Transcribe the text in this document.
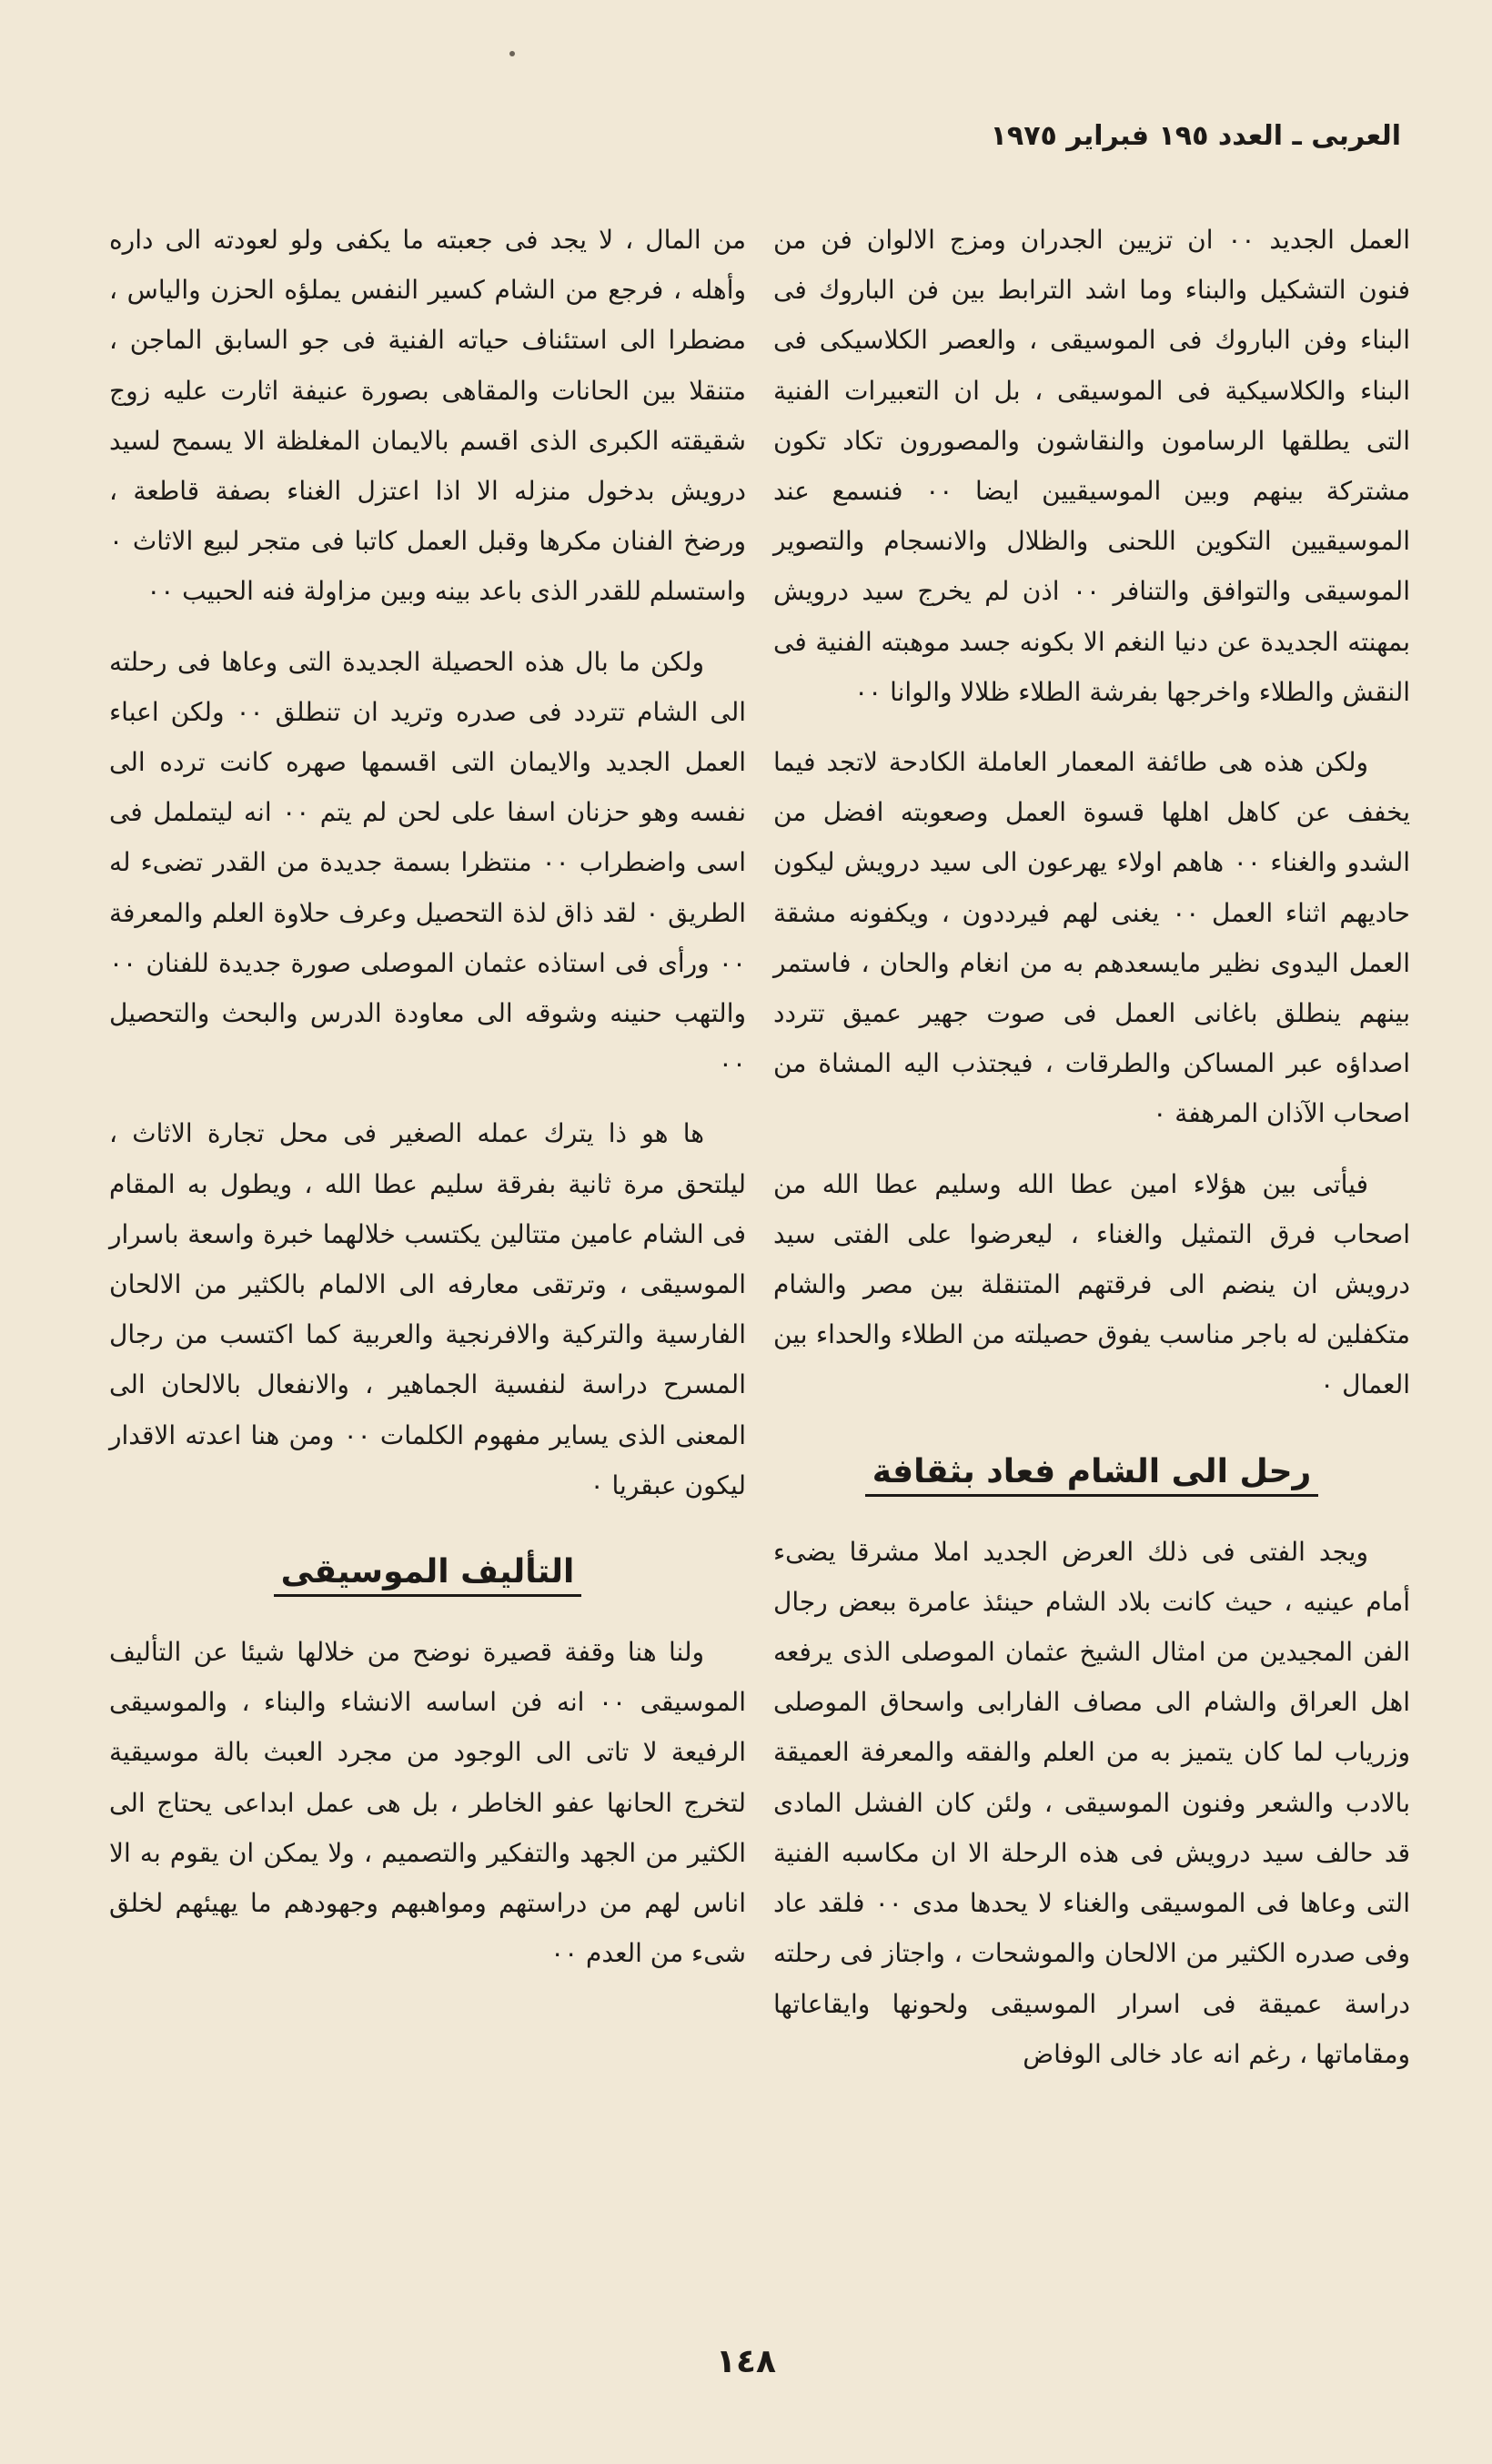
العربى ـ العدد ١٩٥ فبراير ١٩٧٥

العمل الجديد ٠٠ ان تزيين الجدران ومزج الالوان فن من فنون التشكيل والبناء وما اشد الترابط بين فن الباروك فى البناء وفن الباروك فى الموسيقى ، والعصر الكلاسيكى فى البناء والكلاسيكية فى الموسيقى ، بل ان التعبيرات الفنية التى يطلقها الرسامون والنقاشون والمصورون تكاد تكون مشتركة بينهم وبين الموسيقيين ايضا ٠٠ فنسمع عند الموسيقيين التكوين اللحنى والظلال والانسجام والتصوير الموسيقى والتوافق والتنافر ٠٠ اذن لم يخرج سيد درويش بمهنته الجديدة عن دنيا النغم الا بكونه جسد موهبته الفنية فى النقش والطلاء واخرجها بفرشة الطلاء ظلالا والوانا ٠٠

ولكن هذه هى طائفة المعمار العاملة الكادحة لاتجد فيما يخفف عن كاهل اهلها قسوة العمل وصعوبته افضل من الشدو والغناء ٠٠ هاهم اولاء يهرعون الى سيد درويش ليكون حاديهم اثناء العمل ٠٠ يغنى لهم فيرددون ، ويكفونه مشقة العمل اليدوى نظير مايسعدهم به من انغام والحان ، فاستمر بينهم ينطلق باغانى العمل فى صوت جهير عميق تتردد اصداؤه عبر المساكن والطرقات ، فيجتذب اليه المشاة من اصحاب الآذان المرهفة ٠

فيأتى بين هؤلاء امين عطا الله وسليم عطا الله من اصحاب فرق التمثيل والغناء ، ليعرضوا على الفتى سيد درويش ان ينضم الى فرقتهم المتنقلة بين مصر والشام متكفلين له باجر مناسب يفوق حصيلته من الطلاء والحداء بين العمال ٠

رحل الى الشام فعاد بثقافة

ويجد الفتى فى ذلك العرض الجديد املا مشرقا يضىء أمام عينيه ، حيث كانت بلاد الشام حينئذ عامرة ببعض رجال الفن المجيدين من امثال الشيخ عثمان الموصلى الذى يرفعه اهل العراق والشام الى مصاف الفارابى واسحاق الموصلى وزرياب لما كان يتميز به من العلم والفقه والمعرفة العميقة بالادب والشعر وفنون الموسيقى ، ولئن كان الفشل المادى قد حالف سيد درويش فى هذه الرحلة الا ان مكاسبه الفنية التى وعاها فى الموسيقى والغناء لا يحدها مدى ٠٠ فلقد عاد وفى صدره الكثير من الالحان والموشحات ، واجتاز فى رحلته دراسة عميقة فى اسرار الموسيقى ولحونها وايقاعاتها ومقاماتها ، رغم انه عاد خالى الوفاض

من المال ، لا يجد فى جعبته ما يكفى ولو لعودته الى داره وأهله ، فرجع من الشام كسير النفس يملؤه الحزن والياس ، مضطرا الى استئناف حياته الفنية فى جو السابق الماجن ، متنقلا بين الحانات والمقاهى بصورة عنيفة اثارت عليه زوج شقيقته الكبرى الذى اقسم بالايمان المغلظة الا يسمح لسيد درويش بدخول منزله الا اذا اعتزل الغناء بصفة قاطعة ، ورضخ الفنان مكرها وقبل العمل كاتبا فى متجر لبيع الاثاث ٠ واستسلم للقدر الذى باعد بينه وبين مزاولة فنه الحبيب ٠٠

ولكن ما بال هذه الحصيلة الجديدة التى وعاها فى رحلته الى الشام تتردد فى صدره وتريد ان تنطلق ٠٠ ولكن اعباء العمل الجديد والايمان التى اقسمها صهره كانت ترده الى نفسه وهو حزنان اسفا على لحن لم يتم ٠٠ انه ليتململ فى اسى واضطراب ٠٠ منتظرا بسمة جديدة من القدر تضىء له الطريق ٠ لقد ذاق لذة التحصيل وعرف حلاوة العلم والمعرفة ٠٠ ورأى فى استاذه عثمان الموصلى صورة جديدة للفنان ٠٠ والتهب حنينه وشوقه الى معاودة الدرس والبحث والتحصيل ٠٠

ها هو ذا يترك عمله الصغير فى محل تجارة الاثاث ، ليلتحق مرة ثانية بفرقة سليم عطا الله ، ويطول به المقام فى الشام عامين متتالين يكتسب خلالهما خبرة واسعة باسرار الموسيقى ، وترتقى معارفه الى الالمام بالكثير من الالحان الفارسية والتركية والافرنجية والعربية كما اكتسب من رجال المسرح دراسة لنفسية الجماهير ، والانفعال بالالحان الى المعنى الذى يساير مفهوم الكلمات ٠٠ ومن هنا اعدته الاقدار ليكون عبقريا ٠

التأليف الموسيقى

ولنا هنا وقفة قصيرة نوضح من خلالها شيئا عن التأليف الموسيقى ٠٠ انه فن اساسه الانشاء والبناء ، والموسيقى الرفيعة لا تاتى الى الوجود من مجرد العبث بالة موسيقية لتخرج الحانها عفو الخاطر ، بل هى عمل ابداعى يحتاج الى الكثير من الجهد والتفكير والتصميم ، ولا يمكن ان يقوم به الا اناس لهم من دراستهم ومواهبهم وجهودهم ما يهيئهم لخلق شىء من العدم ٠٠

١٤٨
